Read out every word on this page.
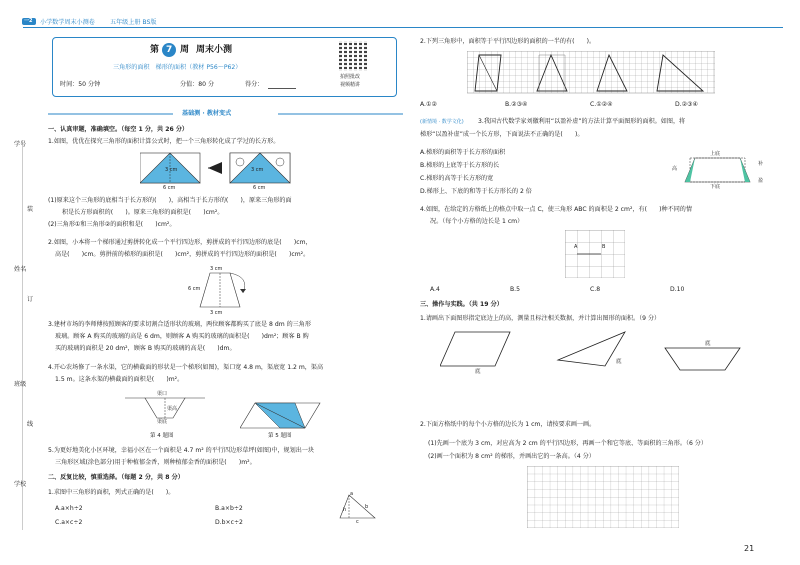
一2 小学数学周末小测卷 五年级上册 BS版
学号
姓名
班级
学校
装
订
线
第 7 周 周末小测
三角形的面积　梯形的面积（教材 P56～P62）
时间：50 分钟	分值：80 分	得分：
拍照批改
视频精讲
基础测 · 教材变式
一、认真审题，准确填空。（每空 1 分，共 26 分）
1.如图，优优在探究三角形的面积计算公式时，把一个三角形转化成了学过的长方形。
3 cm
6 cm
3 cm
6 cm
(1)原来这个三角形的底相当于长方形的(　　)，高相当于长方形的(　　)，原来三角形的面
积是长方形面积的(　　)。原来三角形的面积是(　　)cm²。
(2)三角形①和三角形②的面积和是(　　)cm²。
2.如图，小本将一个梯形通过剪拼转化成一个平行四边形，剪拼成的平行四边形的底是(　　)cm，
高是(　　)cm。剪拼前的梯形的面积是(　　)cm²，剪拼成的平行四边形的面积是(　　)cm²。
3 cm
6 cm
3 cm
3.建材市场的李师傅按照顾客的要求切割合适形状的玻璃，两位顾客都购买了底是 8 dm 的三角形
玻璃。顾客 A 购买的玻璃的高是 6 dm，则顾客 A 购买的玻璃的面积是(　　)dm²；顾客 B 购
买的玻璃的面积是 20 dm²，顾客 B 购买的玻璃的高是(　　)dm。
4.开心农场修了一条水渠，它的横截面的形状是一个梯形(如图)，渠口宽 4.8 m，渠底宽 1.2 m，渠高
1.5 m。这条水渠的横截面的面积是(　　)m²。
渠口
渠高
渠底
第 4 题图	第 5 题图
5.为更好地美化小区环境，幸福小区在一个面积是 4.7 m² 的平行四边形草坪(如图)中，规划出一块
三角形区域(涂色部分)用于种植郁金香，则种植郁金香的面积是(　　)m²。
二、反复比较，慎重选择。（每题 2 分，共 8 分）
1.求图中三角形的面积，列式正确的是(　　)。
A.a×h÷2	B.a×b÷2
C.a×c÷2	D.b×c÷2
a
b
c
h
2.下列三角形中，面积等于平行四边形的面积的一半的有(　　)。
A.①②	B.②③④	C.①②④	D.②③④
(新情境 · 数学文化) 3.我国古代数学家刘徽利用“以盈补虚”的方法计算平面图形的面积。如图，将
梯形“以盈补虚”成一个长方形，下面说法不正确的是(　　)。
A.梯形的面积等于长方形的面积
B.梯形的上底等于长方形的长
C.梯形的高等于长方形的宽
D.梯形上、下底的和等于长方形长的 2 倍
上底
补
盈
高
下底
4.如图，在给定的方格纸上的格点中取一点 C，使三角形 ABC 的面积是 2 cm²，有(　　)种不同的情
况。（每个小方格的边长是 1 cm）
A	B
A.4	B.5	C.8	D.10
三、操作与实践。（共 19 分）
1.请画出下面图形指定底边上的高，测量且标注相关数据，并计算出图形的面积。（9 分）
底
底
底
2.下面方格纸中的每个小方格的边长为 1 cm，请按要求画一画。
(1)先画一个底为 3 cm，对应高为 2 cm 的平行四边形，再画一个和它等底、等面积的三角形。（6 分）
(2)画一个面积为 8 cm² 的梯形，并画出它的一条高。（4 分）
21
